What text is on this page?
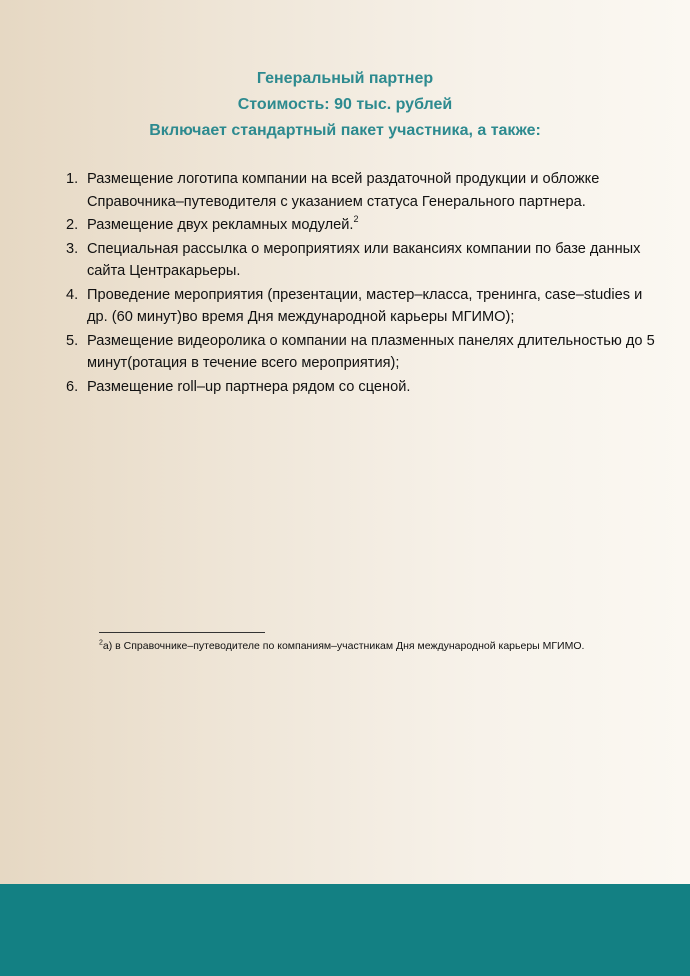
Генеральный партнер
Стоимость: 90 тыс. рублей
Включает стандартный пакет участника, а также:
1. Размещение логотипа компании на всей раздаточной продукции и обложке Справочника–путеводителя с указанием статуса Генерального партнера.
2. Размещение двух рекламных модулей.$^2$
3. Специальная рассылка о мероприятиях или вакансиях компании по базе данных сайта Центракарьеры.
4. Проведение мероприятия (презентации, мастер–класса, тренинга, case–studies и др. (60 минут)во время Дня международной карьеры МГИМО);
5. Размещение видеоролика о компании на плазменных панелях длительностью до 5 минут(ротация в течение всего мероприятия);
6. Размещение roll–up партнера рядом со сценой.
$^2$а) в Справочнике–путеводителе по компаниям–участникам Дня международной карьеры МГИМО.
